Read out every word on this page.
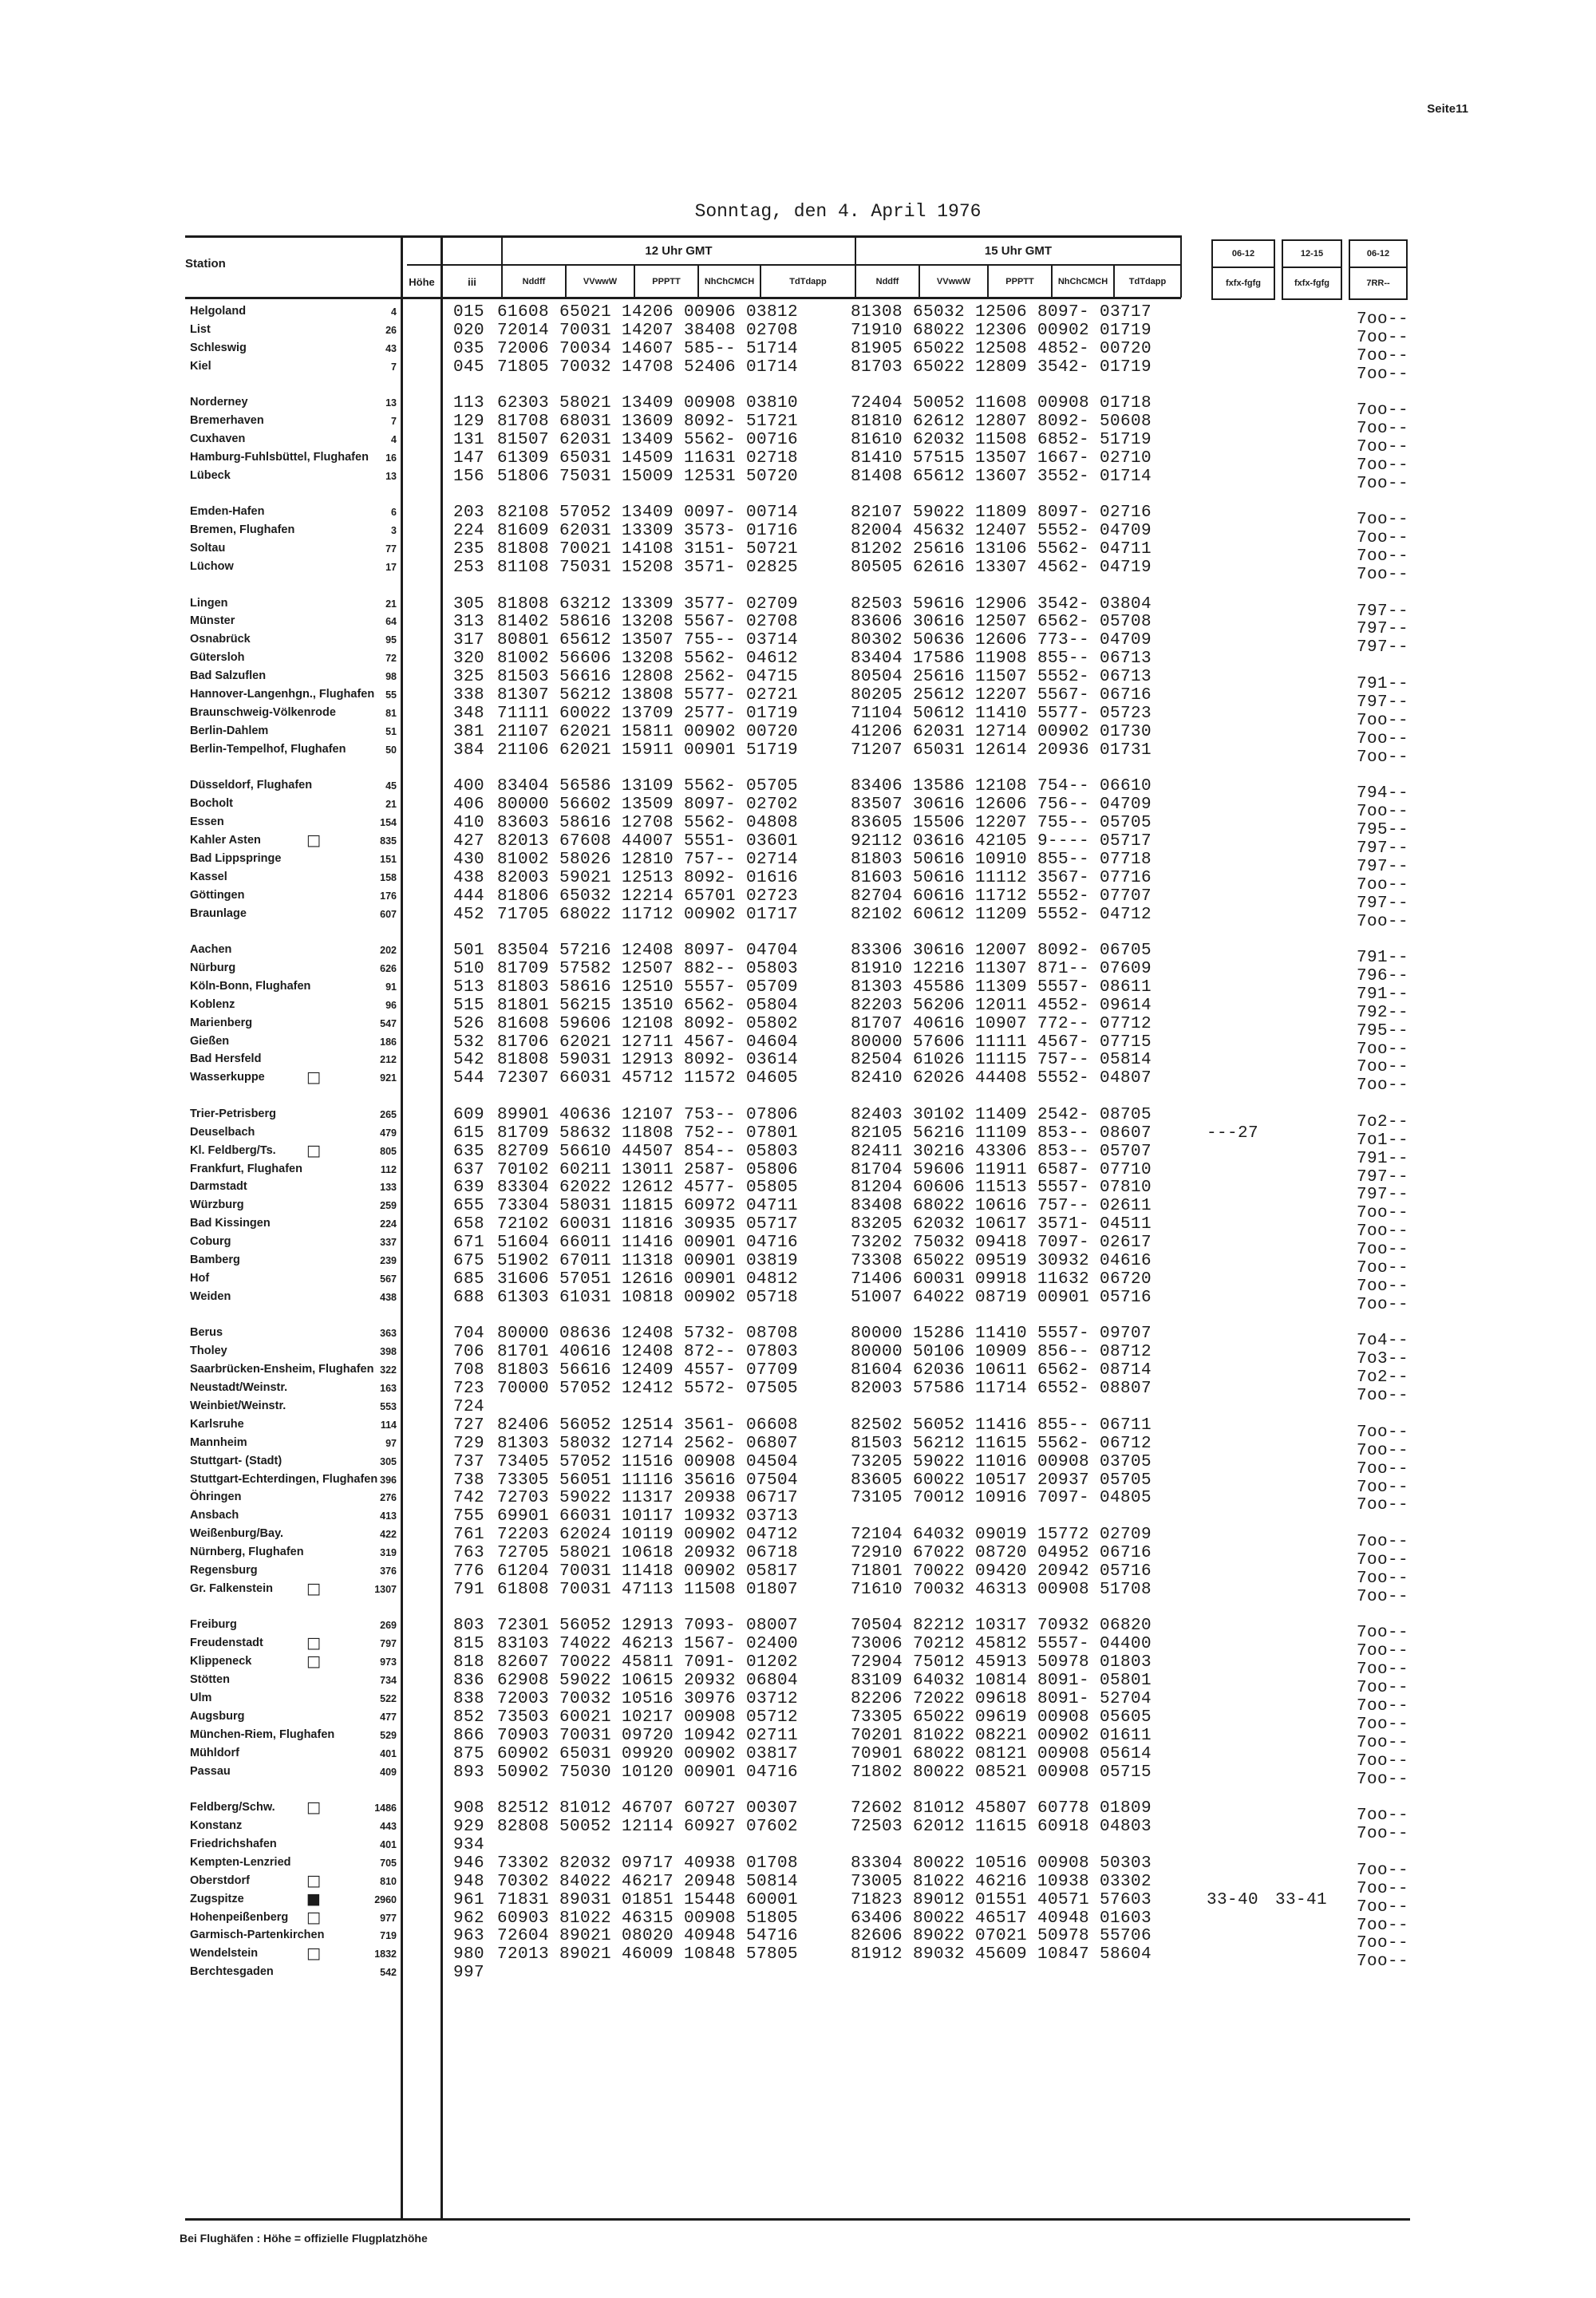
Seite11
Sonntag, den 4. April 1976
Station
Höhe	iii
12 Uhr GMT	15 Uhr GMT
Nddff	VVwwW	PPPTT	NhChCMCH	TdTdapp	Nddff	VVwwW	PPPTT	NhChCMCH	TdTdapp
06-12	12-15	06-12
fxfx-fgfg	fxfx-fgfg	7RR--
Bei Flughäfen : Höhe = offizielle Flugplatzhöhe
Helgoland	4	015 61608 65021 14206 00906 03812	81308 65032 12506 8097- 03717	7oo--
List	26	020 72014 70031 14207 38408 02708	71910 68022 12306 00902 01719	7oo--
Schleswig	43	035 72006 70034 14607 585-- 51714	81905 65022 12508 4852- 00720	7oo--
Kiel	7	045 71805 70032 14708 52406 01714	81703 65022 12809 3542- 01719	7oo--
Norderney	13	113 62303 58021 13409 00908 03810	72404 50052 11608 00908 01718	7oo--
Bremerhaven	7	129 81708 68031 13609 8092- 51721	81810 62612 12807 8092- 50608	7oo--
Cuxhaven	4	131 81507 62031 13409 5562- 00716	81610 62032 11508 6852- 51719	7oo--
Hamburg-Fuhlsbüttel, Flughafen	16	147 61309 65031 14509 11631 02718	81410 57515 13507 1667- 02710	7oo--
Lübeck	13	156 51806 75031 15009 12531 50720	81408 65612 13607 3552- 01714	7oo--
Emden-Hafen	6	203 82108 57052 13409 0097- 00714	82107 59022 11809 8097- 02716	7oo--
Bremen, Flughafen	3	224 81609 62031 13309 3573- 01716	82004 45632 12407 5552- 04709	7oo--
Soltau	77	235 81808 70021 14108 3151- 50721	81202 25616 13106 5562- 04711	7oo--
Lüchow	17	253 81108 75031 15208 3571- 02825	80505 62616 13307 4562- 04719	7oo--
Lingen	21	305 81808 63212 13309 3577- 02709	82503 59616 12906 3542- 03804	797--
Münster	64	313 81402 58616 13208 5567- 02708	83606 30616 12507 6562- 05708	797--
Osnabrück	95	317 80801 65612 13507 755-- 03714	80302 50636 12606 773-- 04709	797--
Gütersloh	72	320 81002 56606 13208 5562- 04612	83404 17586 11908 855-- 06713
Bad Salzuflen	98	325 81503 56616 12808 2562- 04715	80504 25616 11507 5552- 06713	791--
Hannover-Langenhgn., Flughafen	55	338 81307 56212 13808 5577- 02721	80205 25612 12207 5567- 06716	797--
Braunschweig-Völkenrode	81	348 71111 60022 13709 2577- 01719	71104 50612 11410 5577- 05723	7oo--
Berlin-Dahlem	51	381 21107 62021 15811 00902 00720	41206 62031 12714 00902 01730	7oo--
Berlin-Tempelhof, Flughafen	50	384 21106 62021 15911 00901 51719	71207 65031 12614 20936 01731	7oo--
Düsseldorf, Flughafen	45	400 83404 56586 13109 5562- 05705	83406 13586 12108 754-- 06610	794--
Bocholt	21	406 80000 56602 13509 8097- 02702	83507 30616 12606 756-- 04709	7oo--
Essen	154	410 83603 58616 12708 5562- 04808	83605 15506 12207 755-- 05705	795--
Kahler Asten	□	835	427 82013 67608 44007 5551- 03601	92112 03616 42105 9---- 05717	797--
Bad Lippspringe	151	430 81002 58026 12810 757-- 02714	81803 50616 10910 855-- 07718	797--
Kassel	158	438 82003 59021 12513 8092- 01616	81603 50616 11112 3567- 07716	7oo--
Göttingen	176	444 81806 65032 12214 65701 02723	82704 60616 11712 5552- 07707	797--
Braunlage	607	452 71705 68022 11712 00902 01717	82102 60612 11209 5552- 04712	7oo--
Aachen	202	501 83504 57216 12408 8097- 04704	83306 30616 12007 8092- 06705	791--
Nürburg	626	510 81709 57582 12507 882-- 05803	81910 12216 11307 871-- 07609	796--
Köln-Bonn, Flughafen	91	513 81803 58616 12510 5557- 05709	81303 45586 11309 5557- 08611	791--
Koblenz	96	515 81801 56215 13510 6562- 05804	82203 56206 12011 4552- 09614	792--
Marienberg	547	526 81608 59606 12108 8092- 05802	81707 40616 10907 772-- 07712	795--
Gießen	186	532 81706 62021 12711 4567- 04604	80000 57606 11111 4567- 07715	7oo--
Bad Hersfeld	212	542 81808 59031 12913 8092- 03614	82504 61026 11115 757-- 05814	7oo--
Wasserkuppe	□	921	544 72307 66031 45712 11572 04605	82410 62026 44408 5552- 04807	7oo--
Trier-Petrisberg	265	609 89901 40636 12107 753-- 07806	82403 30102 11409 2542- 08705	7o2--
Deuselbach	479	615 81709 58632 11808 752-- 07801	82105 56216 11109 853-- 08607	---27	7o1--
Kl. Feldberg/Ts. □	805	635 82709 56610 44507 854-- 05803	82411 30216 43306 853-- 05707	791--
Frankfurt, Flughafen	112	637 70102 60211 13011 2587- 05806	81704 59606 11911 6587- 07710	797--
Darmstadt	133	639 83304 62022 12612 4577- 05805	81204 60606 11513 5557- 07810	797--
Würzburg	259	655 73304 58031 11815 60972 04711	83408 68022 10616 757-- 02611	7oo--
Bad Kissingen	224	658 72102 60031 11816 30935 05717	83205 62032 10617 3571- 04511	7oo--
Coburg	337	671 51604 66011 11416 00901 04716	73202 75032 09418 7097- 02617	7oo--
Bamberg	239	675 51902 67011 11318 00901 03819	73308 65022 09519 30932 04616	7oo--
Hof	567	685 31606 57051 12616 00901 04812	71406 60031 09918 11632 06720	7oo--
Weiden	438	688 61303 61031 10818 00902 05718	51007 64022 08719 00901 05716	7oo--
Berus	363	704 80000 08636 12408 5732- 08708	80000 15286 11410 5557- 09707	7o4--
Tholey	398	706 81701 40616 12408 872-- 07803	80000 50106 10909 856-- 08712	7o3--
Saarbrücken-Ensheim, Flughafen 322	708 81803 56616 12409 4557- 07709	81604 62036 10611 6562- 08714	7o2--
Neustadt/Weinstr.	163	723 70000 57052 12412 5572- 07505	82003 57586 11714 6552- 08807	7oo--
Weinbiet/Weinstr.	553	724
Karlsruhe	114	727 82406 56052 12514 3561- 06608	82502 56052 11416 855-- 06711	7oo--
Mannheim	97	729 81303 58032 12714 2562- 06807	81503 56212 11615 5562- 06712	7oo--
Stuttgart- (Stadt)	305	737 73405 57052 11516 00908 04504	73205 59022 11016 00908 03705	7oo--
Stuttgart-Echterdingen, Flughafen 396	738 73305 56051 11116 35616 07504	83605 60022 10517 20937 05705	7oo--
Öhringen	276	742 72703 59022 11317 20938 06717	73105 70012 10916 7097- 04805	7oo--
Ansbach	413	755 69901 66031 10117 10932 03713
Weißenburg/Bay.	422	761 72203 62024 10119 00902 04712	72104 64032 09019 15772 02709	7oo--
Nürnberg, Flughafen	319	763 72705 58021 10618 20932 06718	72910 67022 08720 04952 06716	7oo--
Regensburg	376	776 61204 70031 11418 00902 05817	71801 70022 09420 20942 05716	7oo--
Gr. Falkenstein □	1307	791 61808 70031 47113 11508 01807	71610 70032 46313 00908 51708	7oo--
Freiburg	269	803 72301 56052 12913 7093- 08007	70504 82212 10317 70932 06820	7oo--
Freudenstadt	□	797	815 83103 74022 46213 1567- 02400	73006 70212 45812 5557- 04400	7oo--
Klippeneck	□	973	818 82607 70022 45811 7091- 01202	72904 75012 45913 50978 01803	7oo--
Stötten	734	836 62908 59022 10615 20932 06804	83109 64032 10814 8091- 05801	7oo--
Ulm	522	838 72003 70032 10516 30976 03712	82206 72022 09618 8091- 52704	7oo--
Augsburg	477	852 73503 60021 10217 00908 05712	73305 65022 09619 00908 05605	7oo--
München-Riem, Flughafen	529	866 70903 70031 09720 10942 02711	70201 81022 08221 00902 01611	7oo--
Mühldorf	401	875 60902 65031 09920 00902 03817	70901 68022 08121 00908 05614	7oo--
Passau	409	893 50902 75030 10120 00901 04716	71802 80022 08521 00908 05715	7oo--
Feldberg/Schw. □	1486	908 82512 81012 46707 60727 00307	72602 81012 45807 60778 01809	7oo--
Konstanz	443	929 82808 50052 12114 60927 07602	72503 62012 11615 60918 04803	7oo--
Friedrichshafen	401	934
Kempten-Lenzried	705	946 73302 82032 09717 40938 01708	83304 80022 10516 00908 50303	7oo--
Oberstdorf	□	810	948 70302 84022 46217 20948 50814	73005 81022 46216 10938 03302	7oo--
Zugspitze	■	2960	961 71831 89031 01851 15448 60001	71823 89012 01551 40571 57603	33-40 33-41 7oo--
Hohenpeißenberg □	977	962 60903 81022 46315 00908 51805	63406 80022 46517 40948 01603	7oo--
Garmisch-Partenkirchen	719	963 72604 89021 08020 40948 54716	82606 89022 07021 50978 55706	7oo--
Wendelstein	□	1832	980 72013 89021 46009 10848 57805	81912 89032 45609 10847 58604	7oo--
Berchtesgaden	542	997
